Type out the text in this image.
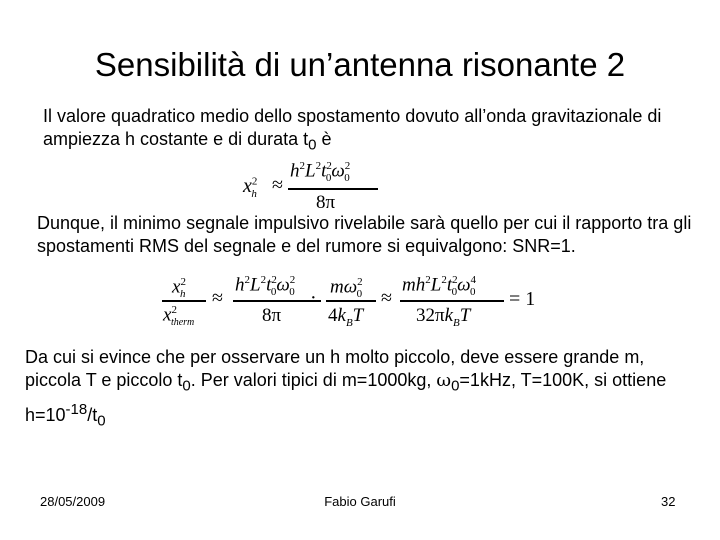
Sensibilità di un’antenna risonante 2
Il valore quadratico medio dello spostamento dovuto all’onda gravitazionale di ampiezza h costante e di durata $t_0$ è
$x^2_h$ ≈
$h^2L^2t^2_0\omega^2_0$
8π
Dunque, il minimo segnale impulsivo rivelabile sarà quello per cui il rapporto tra gli spostamenti RMS del segnale e del rumore si equivalgono: SNR=1.
$x^2_h$
$x^2_{therm}$
≈
$h^2L^2t^2_0\omega^2_0$
8π
·
$m\omega^2_0$
$4k_BT$
≈
$mh^2L^2t^2_0\omega^4_0$
$32\pi k_BT$
= 1
Da cui si evince che per osservare un h molto piccolo, deve essere grande m, piccola T e piccolo $t_0$. Per valori tipici di m=1000kg, $\omega_0=1kHz$, T=100K, si ottiene $h=10^{-18}/t_0$
28/05/2009	Fabio Garufi	32
